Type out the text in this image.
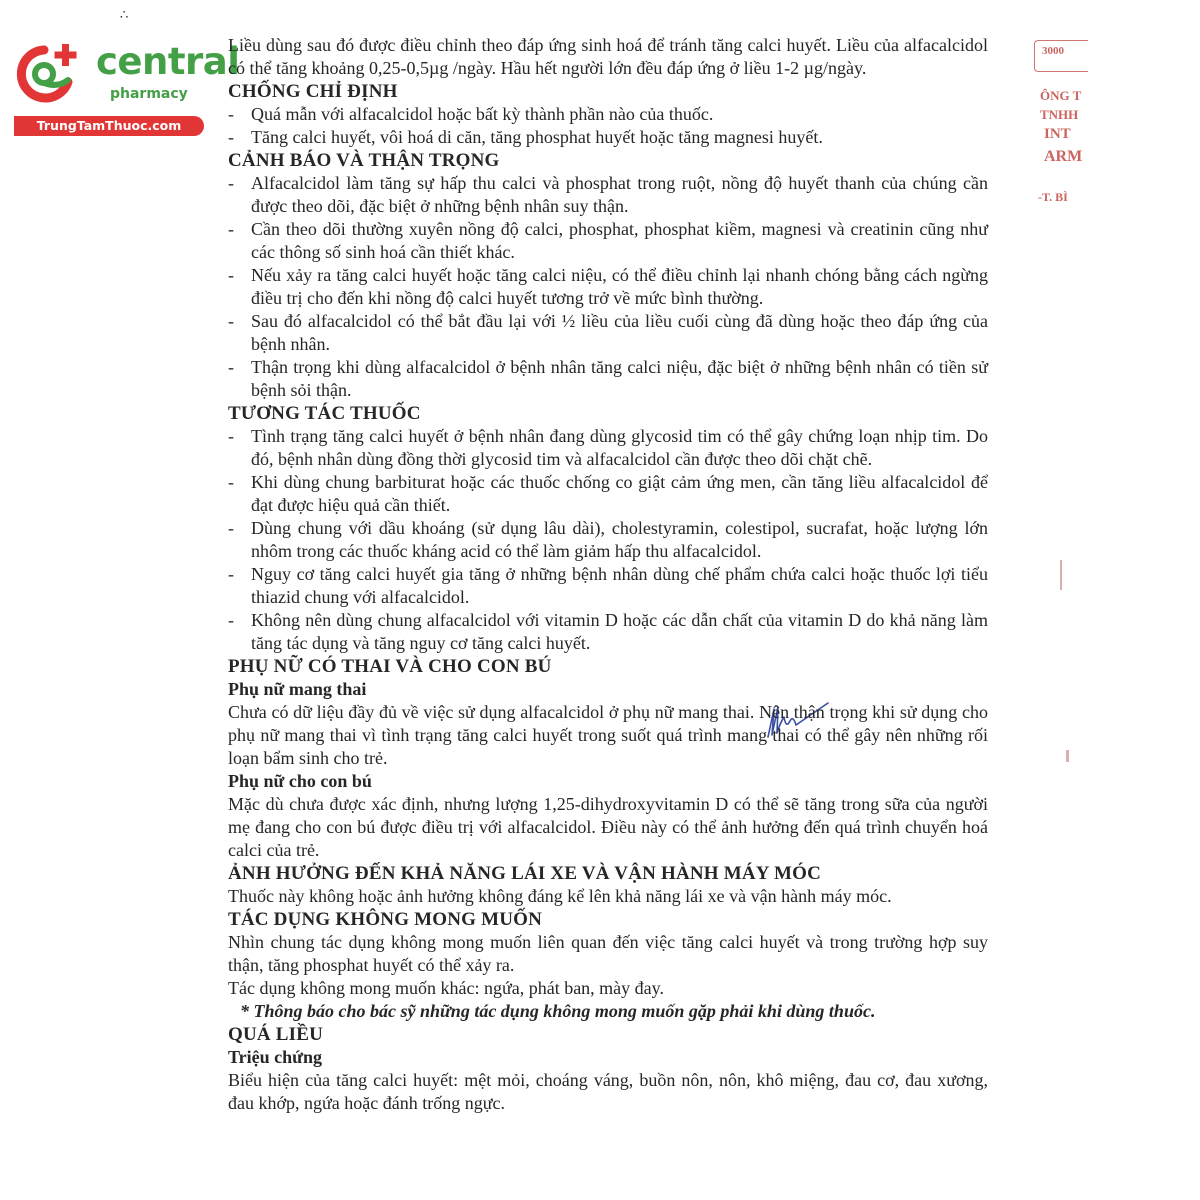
central
pharmacy
TrungTamThuoc.com
∴
3000
ÔNG T
TNHH
INT
ARM
-T. BÌ

Liều dùng sau đó được điều chỉnh theo đáp ứng sinh hoá để tránh tăng calci huyết. Liều của alfacalcidol có thể tăng khoảng 0,25-0,5µg /ngày. Hầu hết người lớn đều đáp ứng ở liều 1-2 µg/ngày.

CHỐNG CHỈ ĐỊNH

- Quá mẫn với alfacalcidol hoặc bất kỳ thành phần nào của thuốc.

- Tăng calci huyết, vôi hoá di căn, tăng phosphat huyết hoặc tăng magnesi huyết.

CẢNH BÁO VÀ THẬN TRỌNG

- Alfacalcidol làm tăng sự hấp thu calci và phosphat trong ruột, nồng độ huyết thanh của chúng cần được theo dõi, đặc biệt ở những bệnh nhân suy thận.

- Cần theo dõi thường xuyên nồng độ calci, phosphat, phosphat kiềm, magnesi và creatinin cũng như các thông số sinh hoá cần thiết khác.

- Nếu xảy ra tăng calci huyết hoặc tăng calci niệu, có thể điều chỉnh lại nhanh chóng bằng cách ngừng điều trị cho đến khi nồng độ calci huyết tương trở về mức bình thường.

- Sau đó alfacalcidol có thể bắt đầu lại với ½ liều của liều cuối cùng đã dùng hoặc theo đáp ứng của bệnh nhân.

- Thận trọng khi dùng alfacalcidol ở bệnh nhân tăng calci niệu, đặc biệt ở những bệnh nhân có tiền sử bệnh sỏi thận.

TƯƠNG TÁC THUỐC

- Tình trạng tăng calci huyết ở bệnh nhân đang dùng glycosid tim có thể gây chứng loạn nhịp tim. Do đó, bệnh nhân dùng đồng thời glycosid tim và alfacalcidol cần được theo dõi chặt chẽ.

- Khi dùng chung barbiturat hoặc các thuốc chống co giật cảm ứng men, cần tăng liều alfacalcidol để đạt được hiệu quả cần thiết.

- Dùng chung với dầu khoáng (sử dụng lâu dài), cholestyramin, colestipol, sucrafat, hoặc lượng lớn nhôm trong các thuốc kháng acid có thể làm giảm hấp thu alfacalcidol.

- Nguy cơ tăng calci huyết gia tăng ở những bệnh nhân dùng chế phẩm chứa calci hoặc thuốc lợi tiểu thiazid chung với alfacalcidol.

- Không nên dùng chung alfacalcidol với vitamin D hoặc các dẫn chất của vitamin D do khả năng làm tăng tác dụng và tăng nguy cơ tăng calci huyết.

PHỤ NỮ CÓ THAI VÀ CHO CON BÚ

Phụ nữ mang thai

Chưa có dữ liệu đầy đủ về việc sử dụng alfacalcidol ở phụ nữ mang thai. Nên thận trọng khi sử dụng cho phụ nữ mang thai vì tình trạng tăng calci huyết trong suốt quá trình mang thai có thể gây nên những rối loạn bẩm sinh cho trẻ.

Phụ nữ cho con bú

Mặc dù chưa được xác định, nhưng lượng 1,25-dihydroxyvitamin D có thể sẽ tăng trong sữa của người mẹ đang cho con bú được điều trị với alfacalcidol. Điều này có thể ảnh hưởng đến quá trình chuyển hoá calci của trẻ.

ẢNH HƯỞNG ĐẾN KHẢ NĂNG LÁI XE VÀ VẬN HÀNH MÁY MÓC

Thuốc này không hoặc ảnh hưởng không đáng kể lên khả năng lái xe và vận hành máy móc.

TÁC DỤNG KHÔNG MONG MUỐN

Nhìn chung tác dụng không mong muốn liên quan đến việc tăng calci huyết và trong trường hợp suy thận, tăng phosphat huyết có thể xảy ra.

Tác dụng không mong muốn khác: ngứa, phát ban, mày đay.

* Thông báo cho bác sỹ những tác dụng không mong muốn gặp phải khi dùng thuốc.

QUÁ LIỀU

Triệu chứng

Biểu hiện của tăng calci huyết: mệt mỏi, choáng váng, buồn nôn, nôn, khô miệng, đau cơ, đau xương, đau khớp, ngứa hoặc đánh trống ngực.
